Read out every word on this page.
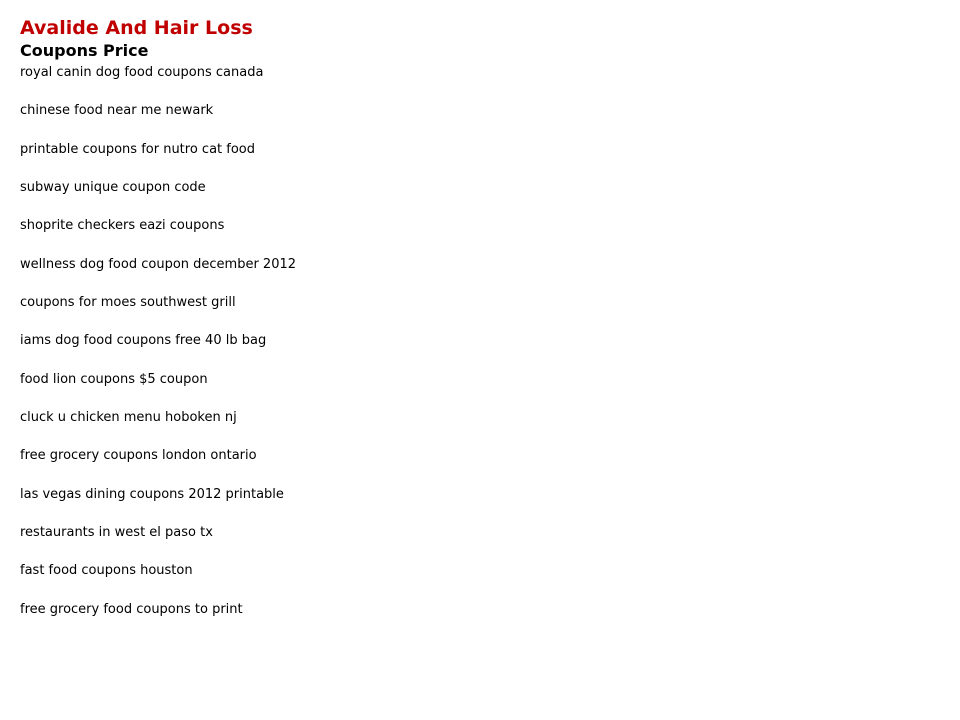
Avalide And Hair Loss
Coupons Price
royal canin dog food coupons canada
chinese food near me newark
printable coupons for nutro cat food
subway unique coupon code
shoprite checkers eazi coupons
wellness dog food coupon december 2012
coupons for moes southwest grill
iams dog food coupons free 40 lb bag
food lion coupons $5 coupon
cluck u chicken menu hoboken nj
free grocery coupons london ontario
las vegas dining coupons 2012 printable
restaurants in west el paso tx
fast food coupons houston
free grocery food coupons to print
